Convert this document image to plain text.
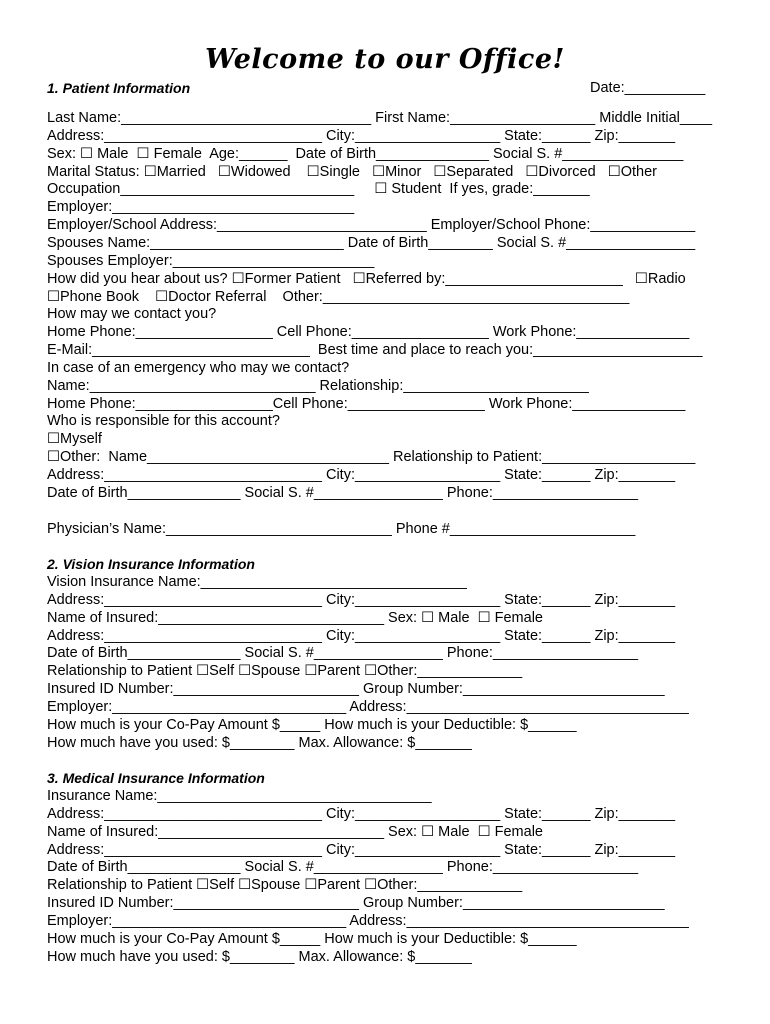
Welcome to our Office!
Date:__________
1. Patient Information
Last Name:_______________________________ First Name:__________________ Middle Initial____
Address:___________________________ City:__________________ State:______ Zip:_______
Sex: ☐ Male  ☐ Female  Age:______  Date of Birth______________ Social S. #_______________
Marital Status: ☐Married   ☐Widowed    ☐Single   ☐Minor   ☐Separated   ☐Divorced   ☐Other
Occupation_____________________________     ☐ Student  If yes, grade:_______
Employer:______________________________
Employer/School Address:__________________________ Employer/School Phone:_____________
Spouses Name:________________________ Date of Birth________ Social S. #________________
Spouses Employer:_________________________
How did you hear about us? ☐Former Patient   ☐Referred by:______________________   ☐Radio
☐Phone Book    ☐Doctor Referral    Other:______________________________________
How may we contact you?
Home Phone:_________________ Cell Phone:_________________ Work Phone:______________
E-Mail:___________________________  Best time and place to reach you:_____________________
In case of an emergency who may we contact?
Name:____________________________ Relationship:_______________________
Home Phone:_________________Cell Phone:_________________ Work Phone:______________
Who is responsible for this account?
☐Myself
☐Other:  Name______________________________ Relationship to Patient:___________________
Address:___________________________ City:__________________ State:______ Zip:_______
Date of Birth______________ Social S. #________________ Phone:__________________
Physician’s Name:____________________________ Phone #_______________________
2. Vision Insurance Information
Vision Insurance Name:_________________________________
Address:___________________________ City:__________________ State:______ Zip:_______
Name of Insured:____________________________ Sex: ☐ Male  ☐ Female
Address:___________________________ City:__________________ State:______ Zip:_______
Date of Birth______________ Social S. #________________ Phone:__________________
Relationship to Patient ☐Self ☐Spouse ☐Parent ☐Other:_____________
Insured ID Number:_______________________ Group Number:_________________________
Employer:_____________________________ Address:___________________________________
How much is your Co-Pay Amount $_____ How much is your Deductible: $______
How much have you used: $________ Max. Allowance: $_______
3. Medical Insurance Information
Insurance Name:__________________________________
Address:___________________________ City:__________________ State:______ Zip:_______
Name of Insured:____________________________ Sex: ☐ Male  ☐ Female
Address:___________________________ City:__________________ State:______ Zip:_______
Date of Birth______________ Social S. #________________ Phone:__________________
Relationship to Patient ☐Self ☐Spouse ☐Parent ☐Other:_____________
Insured ID Number:_______________________ Group Number:_________________________
Employer:_____________________________ Address:___________________________________
How much is your Co-Pay Amount $_____ How much is your Deductible: $______
How much have you used: $________ Max. Allowance: $_______
